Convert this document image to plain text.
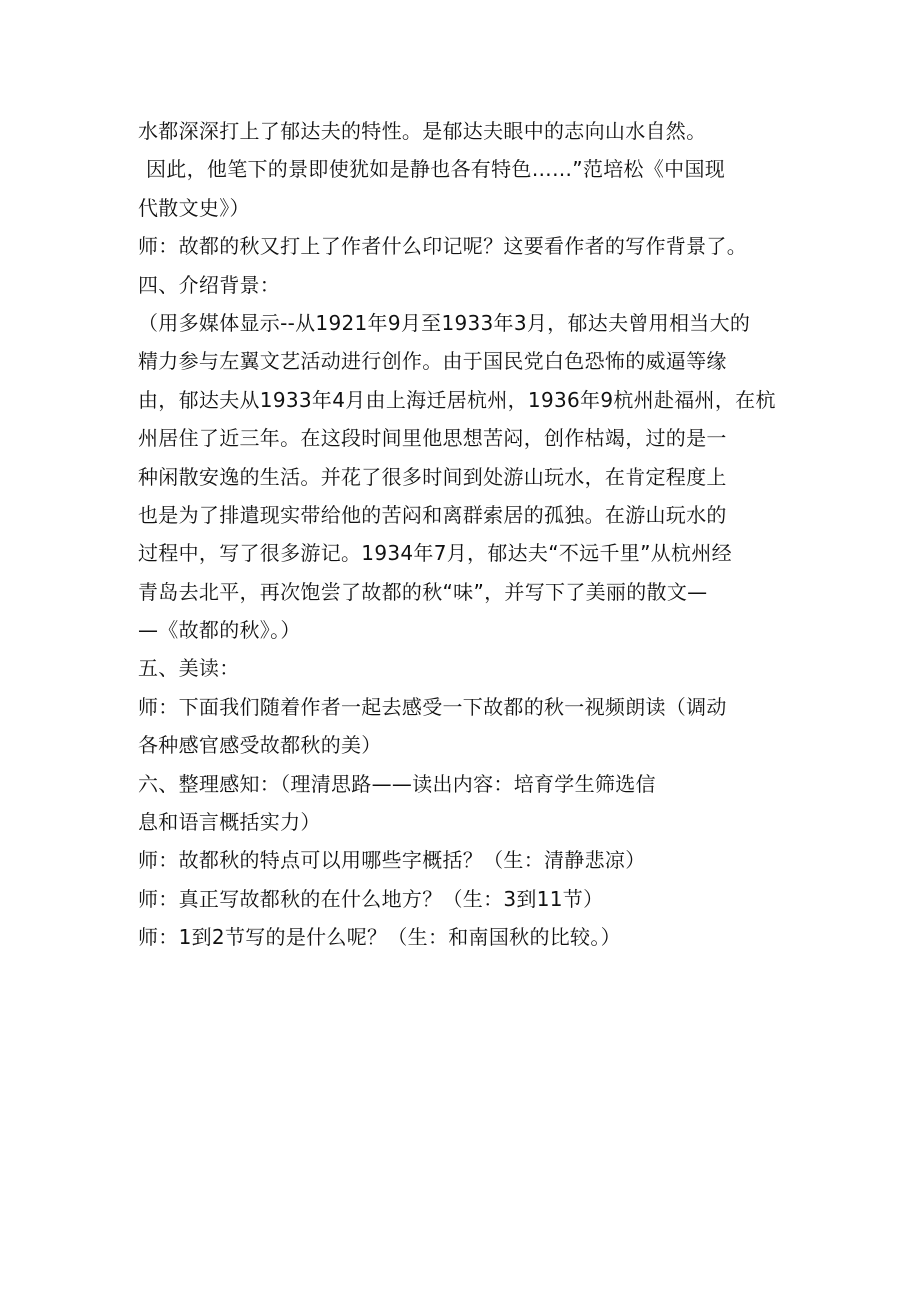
水都深深打上了郁达夫的特性。是郁达夫眼中的志向山水自然。
因此，他笔下的景即使犹如是静也各有特色……”范培松《中国现
代散文史》）
师：故都的秋又打上了作者什么印记呢？这要看作者的写作背景了。
四、介绍背景：
（用多媒体显示--从1921年9月至1933年3月，郁达夫曾用相当大的
精力参与左翼文艺活动进行创作。由于国民党白色恐怖的威逼等缘
由，郁达夫从1933年4月由上海迁居杭州，1936年9杭州赴福州，在杭
州居住了近三年。在这段时间里他思想苦闷，创作枯竭，过的是一
种闲散安逸的生活。并花了很多时间到处游山玩水，在肯定程度上
也是为了排遣现实带给他的苦闷和离群索居的孤独。在游山玩水的
过程中，写了很多游记。1934年7月，郁达夫“不远千里”从杭州经
青岛去北平，再次饱尝了故都的秋“味”，并写下了美丽的散文—
—《故都的秋》。）
五、美读：
师：下面我们随着作者一起去感受一下故都的秋一视频朗读（调动
各种感官感受故都秋的美）
六、整理感知：（理清思路——读出内容：培育学生筛选信
息和语言概括实力）
师：故都秋的特点可以用哪些字概括？（生：清静悲凉）
师：真正写故都秋的在什么地方？（生：3到11节）
师：1到2节写的是什么呢？（生：和南国秋的比较。）
